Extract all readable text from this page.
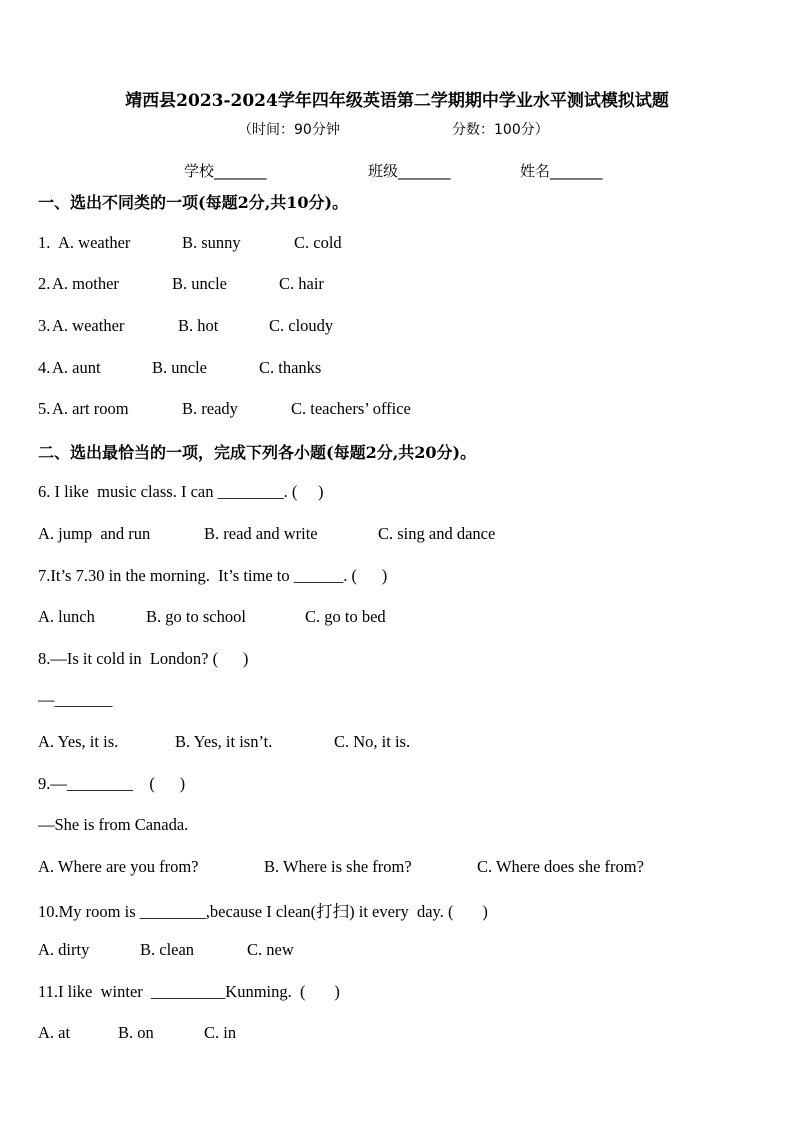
靖西县2023-2024学年四年级英语第二学期期中学业水平测试模拟试题
（时间：90分钟	分数：100分）
学校_______	班级_______	姓名_______
一、选出不同类的一项(每题2分,共10分)。
1. A. weather	B. sunny	C. cold
2. A. mother	B. uncle	C. hair
3. A. weather	B. hot	C. cloudy
4. A. aunt	B. uncle	C. thanks
5. A. art room	B. ready	C. teachers’ office
二、选出最恰当的一项，完成下列各小题(每题2分,共20分)。
6. I like  music class. I can ________. (     )
A. jump  and run	B. read and write	C. sing and dance
7.It’s 7.30 in the morning.  It’s time to ______. (      )
A. lunch	B. go to school	C. go to bed
8.—Is it cold in  London? (      )
—_______
A. Yes, it is.	B. Yes, it isn’t.	C. No, it is.
9.—________    (      )
—She is from Canada.
A. Where are you from?	B. Where is she from?	C. Where does she from?
10.My room is ________,because I clean(打扫) it every  day. (       )
A. dirty	B. clean	C. new
11.I like  winter  _________Kunming.  (       )
A. at	B. on	C. in
